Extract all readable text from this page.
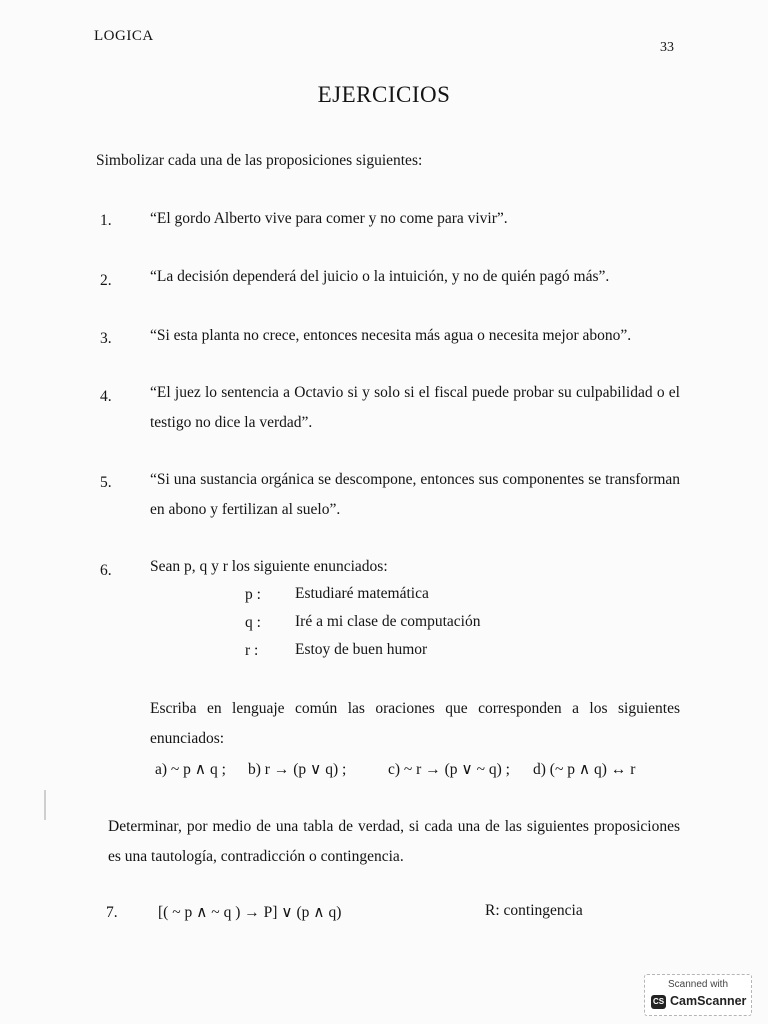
LOGICA
33
EJERCICIOS
Simbolizar cada una de las proposiciones siguientes:
1. “El gordo Alberto vive para comer y no come para vivir”.
2. “La decisión dependerá del juicio o la intuición, y no de quién pagó más”.
3. “Si esta planta no crece, entonces necesita más agua o necesita mejor abono”.
4. “El juez lo sentencia a Octavio si y solo si el fiscal puede probar su culpabilidad o el testigo no dice la verdad”.
5. “Si una sustancia orgánica se descompone, entonces sus componentes se transforman en abono y fertilizan al suelo”.
6. Sean p, q y r los siguiente enunciados:
p : Estudiaré matemática
q : Iré a mi clase de computación
r : Estoy de buen humor
Escriba en lenguaje común las oraciones que corresponden a los siguientes enunciados:
a) ~ p ∧ q ; b) r → (p ∨ q) ;	c) ~ r → (p ∨ ~ q) ; d) (~ p ∧ q) ↔ r
Determinar, por medio de una tabla de verdad, si cada una de las siguientes proposiciones es una tautología, contradicción o contingencia.
7.	[( ~ p ∧ ~ q ) → P] ∨ (p ∧ q)	R: contingencia
Scanned with
CS CamScanner
